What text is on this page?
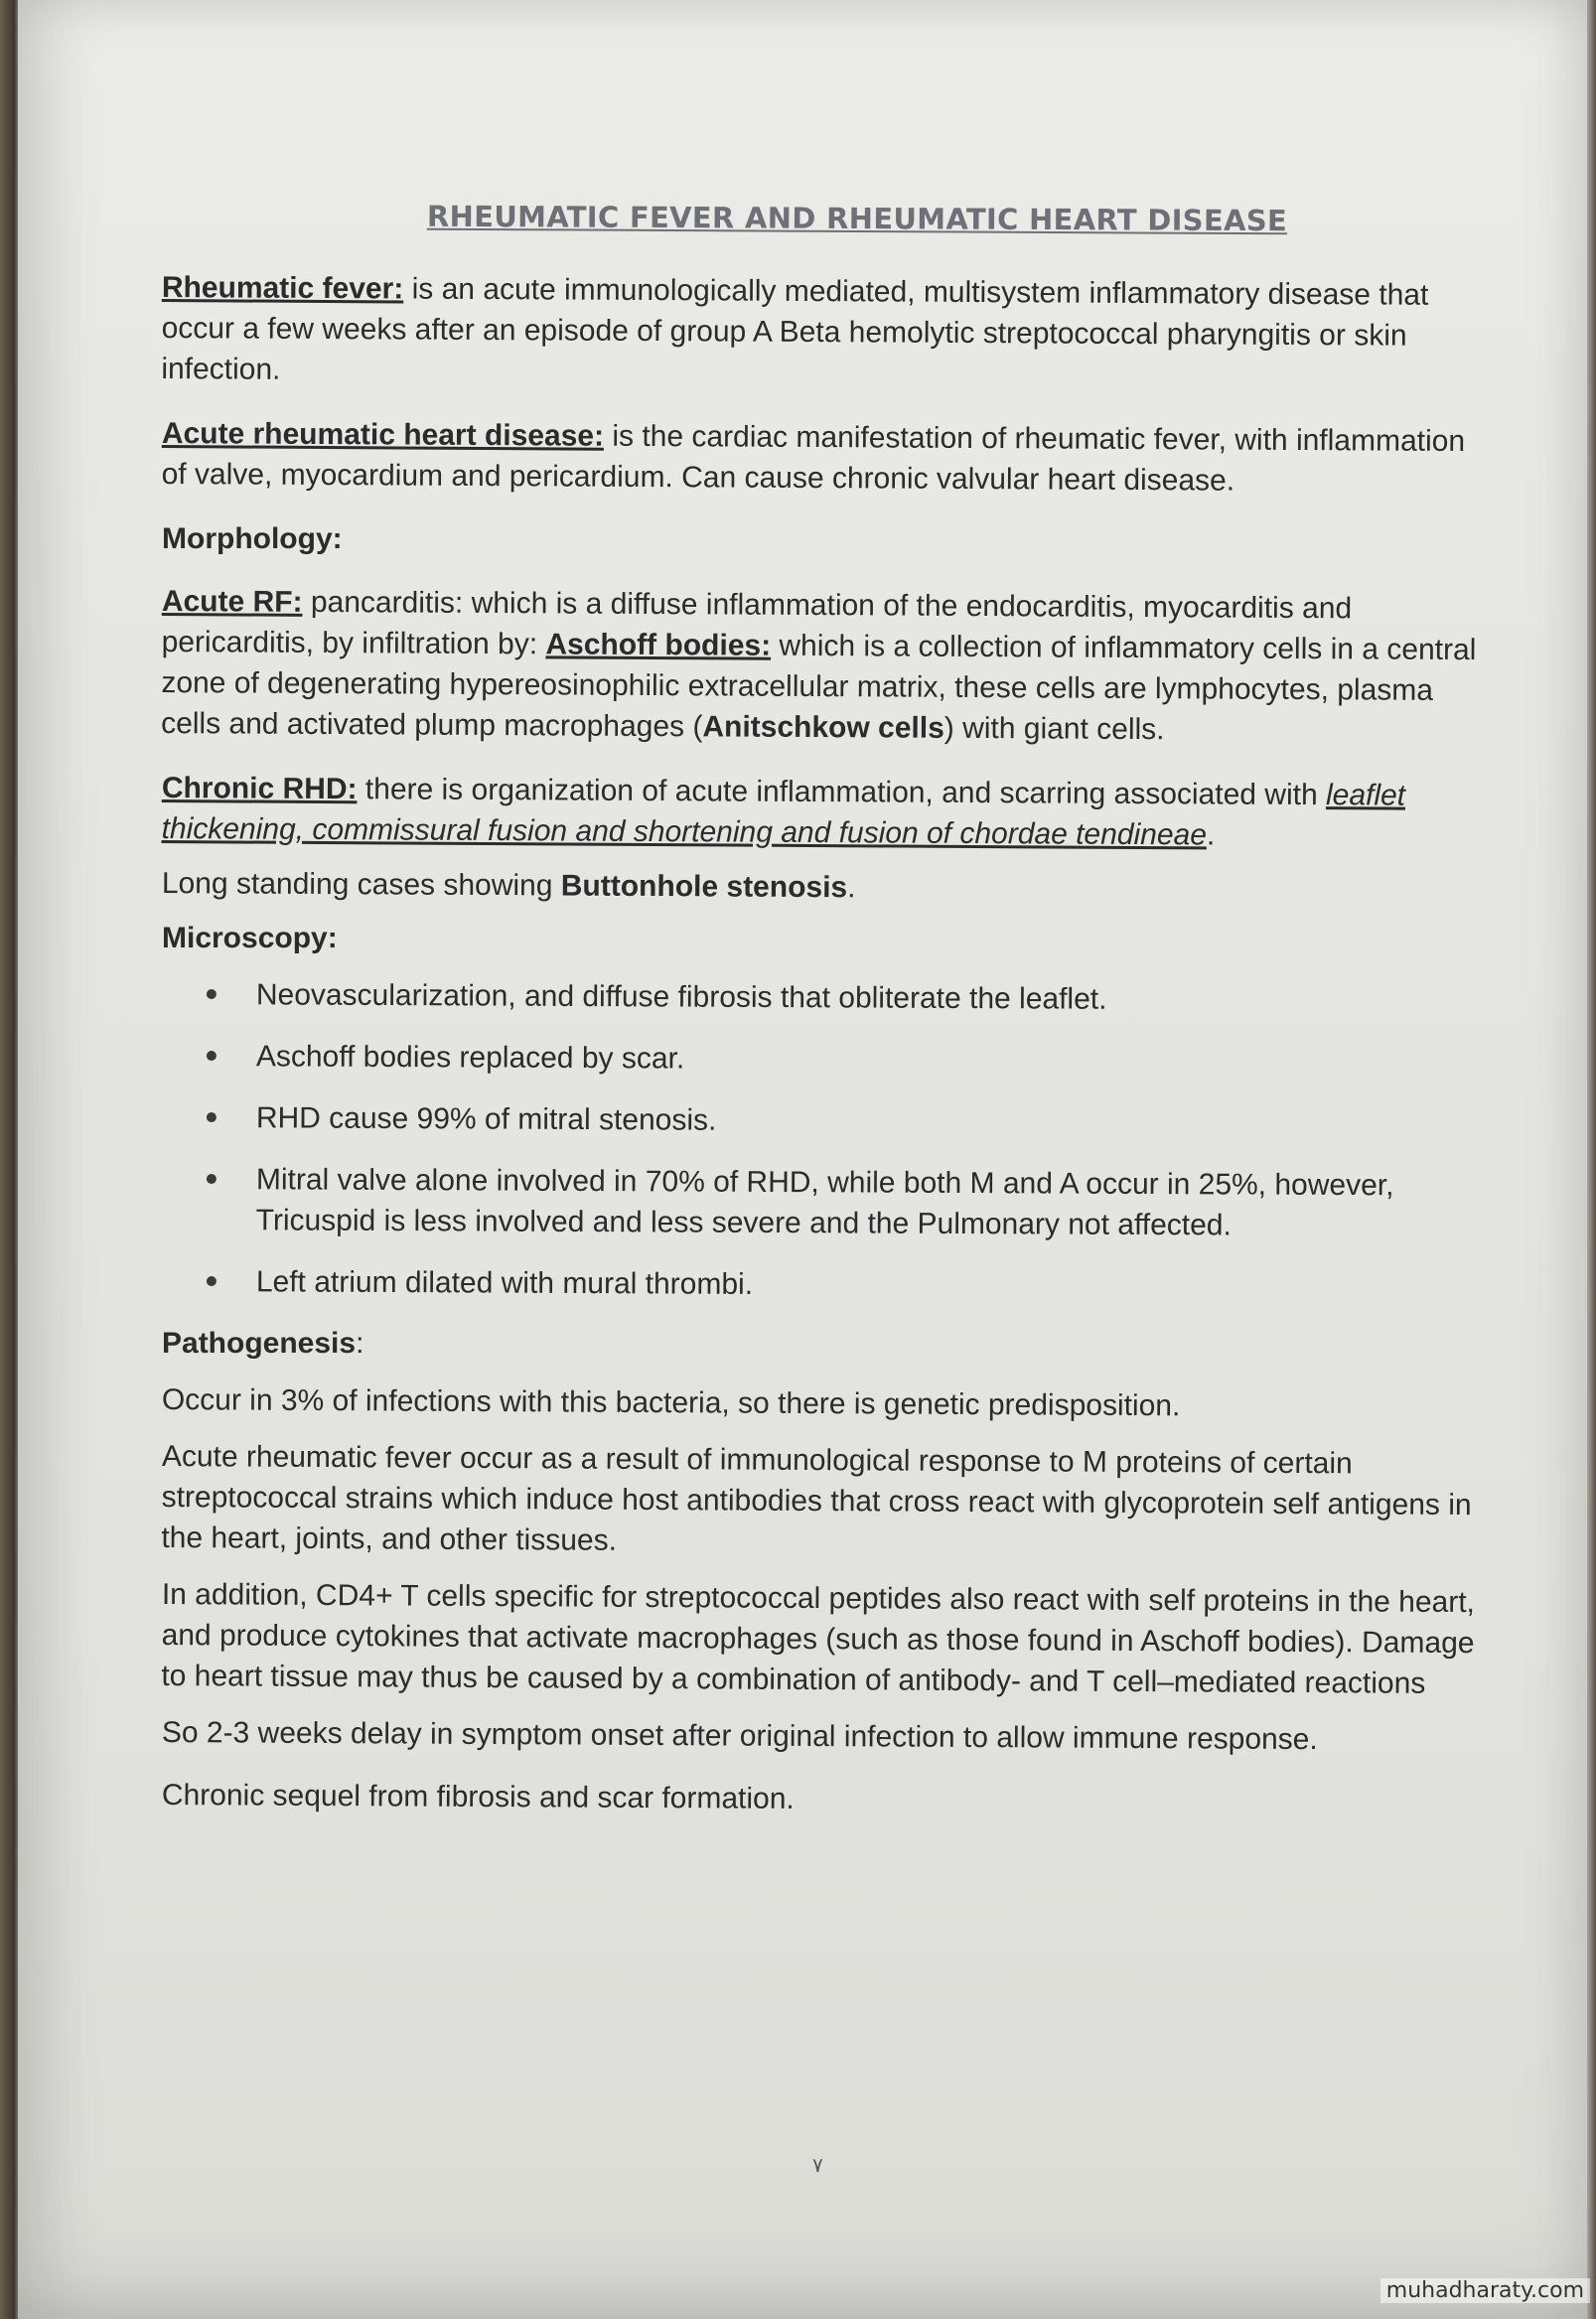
RHEUMATIC FEVER AND RHEUMATIC HEART DISEASE

Rheumatic fever: is an acute immunologically mediated, multisystem inflammatory disease that occur a few weeks after an episode of group A Beta hemolytic streptococcal pharyngitis or skin infection.

Acute rheumatic heart disease: is the cardiac manifestation of rheumatic fever, with inflammation of valve, myocardium and pericardium. Can cause chronic valvular heart disease.

Morphology:

Acute RF: pancarditis: which is a diffuse inflammation of the endocarditis, myocarditis and pericarditis, by infiltration by: Aschoff bodies: which is a collection of inflammatory cells in a central zone of degenerating hypereosinophilic extracellular matrix, these cells are lymphocytes, plasma cells and activated plump macrophages (Anitschkow cells) with giant cells.

Chronic RHD: there is organization of acute inflammation, and scarring associated with leaflet thickening, commissural fusion and shortening and fusion of chordae tendineae.

Long standing cases showing Buttonhole stenosis.

Microscopy:

Neovascularization, and diffuse fibrosis that obliterate the leaflet.
Aschoff bodies replaced by scar.
RHD cause 99% of mitral stenosis.
Mitral valve alone involved in 70% of RHD, while both M and A occur in 25%, however, Tricuspid is less involved and less severe and the Pulmonary not affected.
Left atrium dilated with mural thrombi.

Pathogenesis:

Occur in 3% of infections with this bacteria, so there is genetic predisposition.

Acute rheumatic fever occur as a result of immunological response to M proteins of certain streptococcal strains which induce host antibodies that cross react with glycoprotein self antigens in the heart, joints, and other tissues.

In addition, CD4+ T cells specific for streptococcal peptides also react with self proteins in the heart, and produce cytokines that activate macrophages (such as those found in Aschoff bodies). Damage to heart tissue may thus be caused by a combination of antibody- and T cell–mediated reactions

So 2-3 weeks delay in symptom onset after original infection to allow immune response.

Chronic sequel from fibrosis and scar formation.

٧
muhadharaty.com
